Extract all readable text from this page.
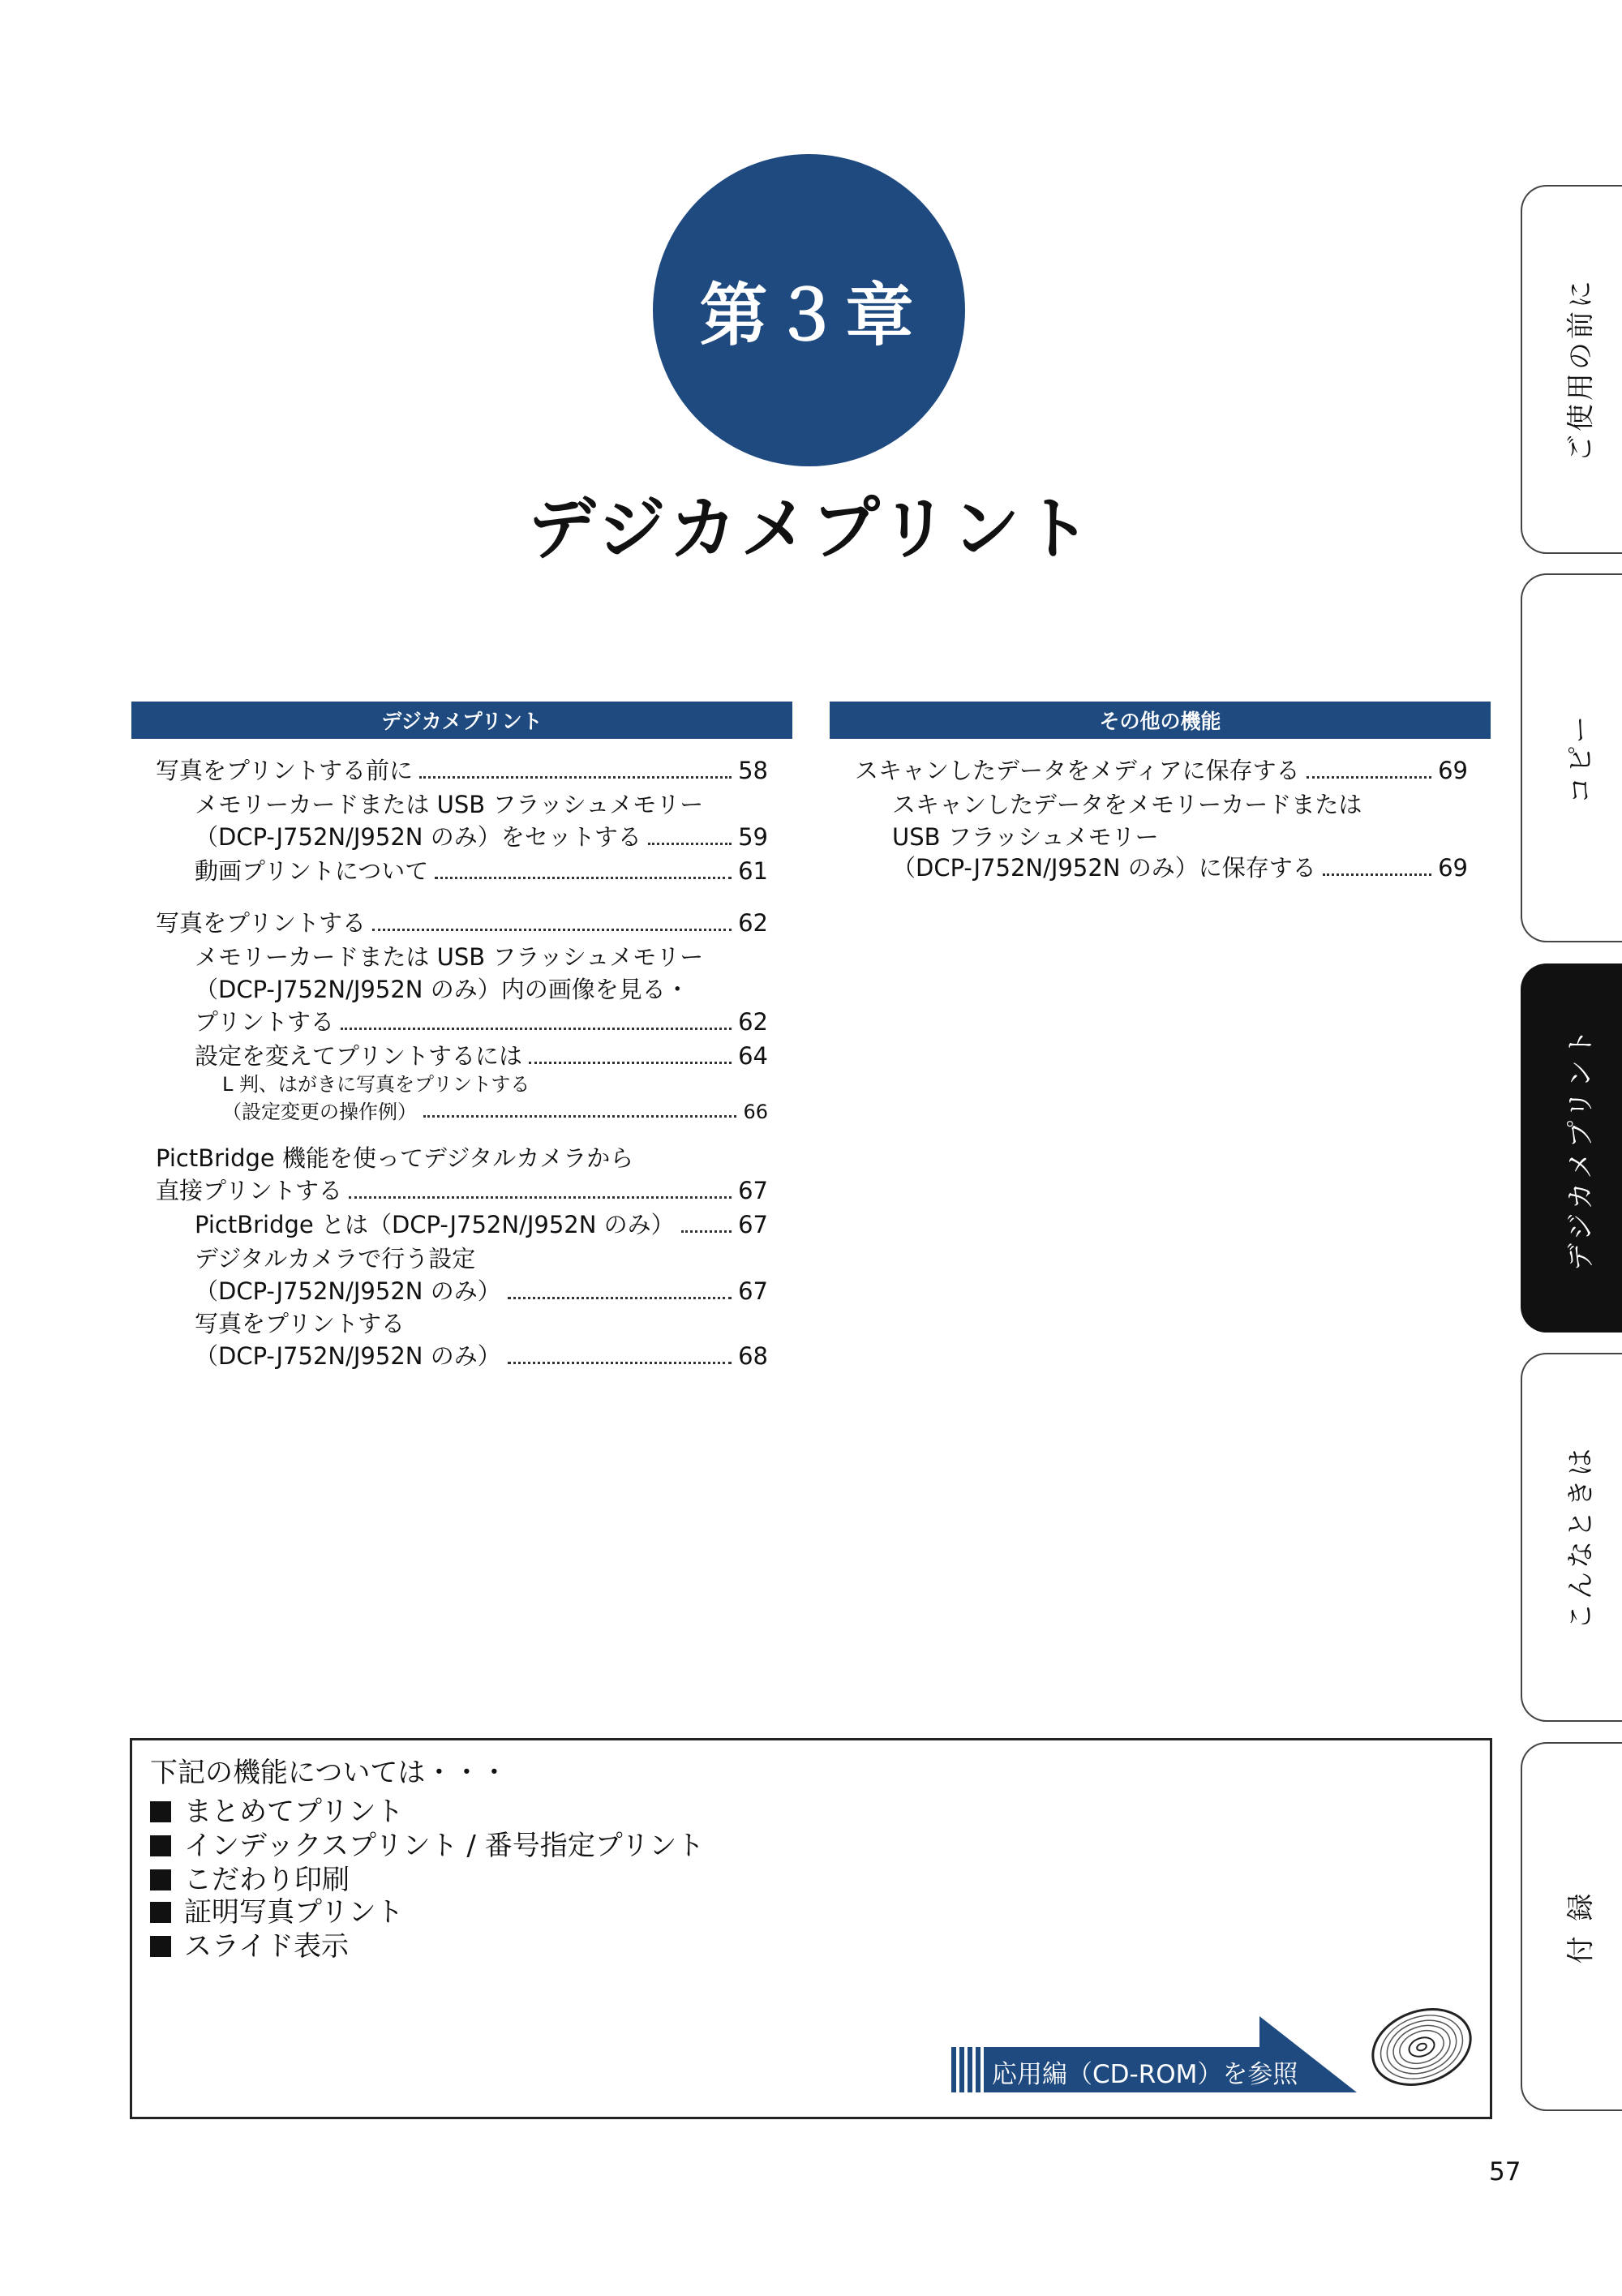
第３章
デジカメプリント
ご使用の前に
コピー
デジカメプリント
こんなときは
付 録
デジカメプリント
写真をプリントする前に	58
メモリーカードまたは USB フラッシュメモリー
（DCP-J752N/J952N のみ）をセットする	59
動画プリントについて	61
写真をプリントする	62
メモリーカードまたは USB フラッシュメモリー
（DCP-J752N/J952N のみ）内の画像を見る・
プリントする	62
設定を変えてプリントするには	64
L 判、はがきに写真をプリントする
（設定変更の操作例）	66
PictBridge 機能を使ってデジタルカメラから
直接プリントする	67
PictBridge とは（DCP-J752N/J952N のみ）	67
デジタルカメラで行う設定
（DCP-J752N/J952N のみ）	67
写真をプリントする
（DCP-J752N/J952N のみ）	68
その他の機能
スキャンしたデータをメディアに保存する	69
スキャンしたデータをメモリーカードまたは
USB フラッシュメモリー
（DCP-J752N/J952N のみ）に保存する	69
下記の機能については・・・
まとめてプリント
インデックスプリント / 番号指定プリント
こだわり印刷
証明写真プリント
スライド表示
応用編（CD-ROM）を参照
57
